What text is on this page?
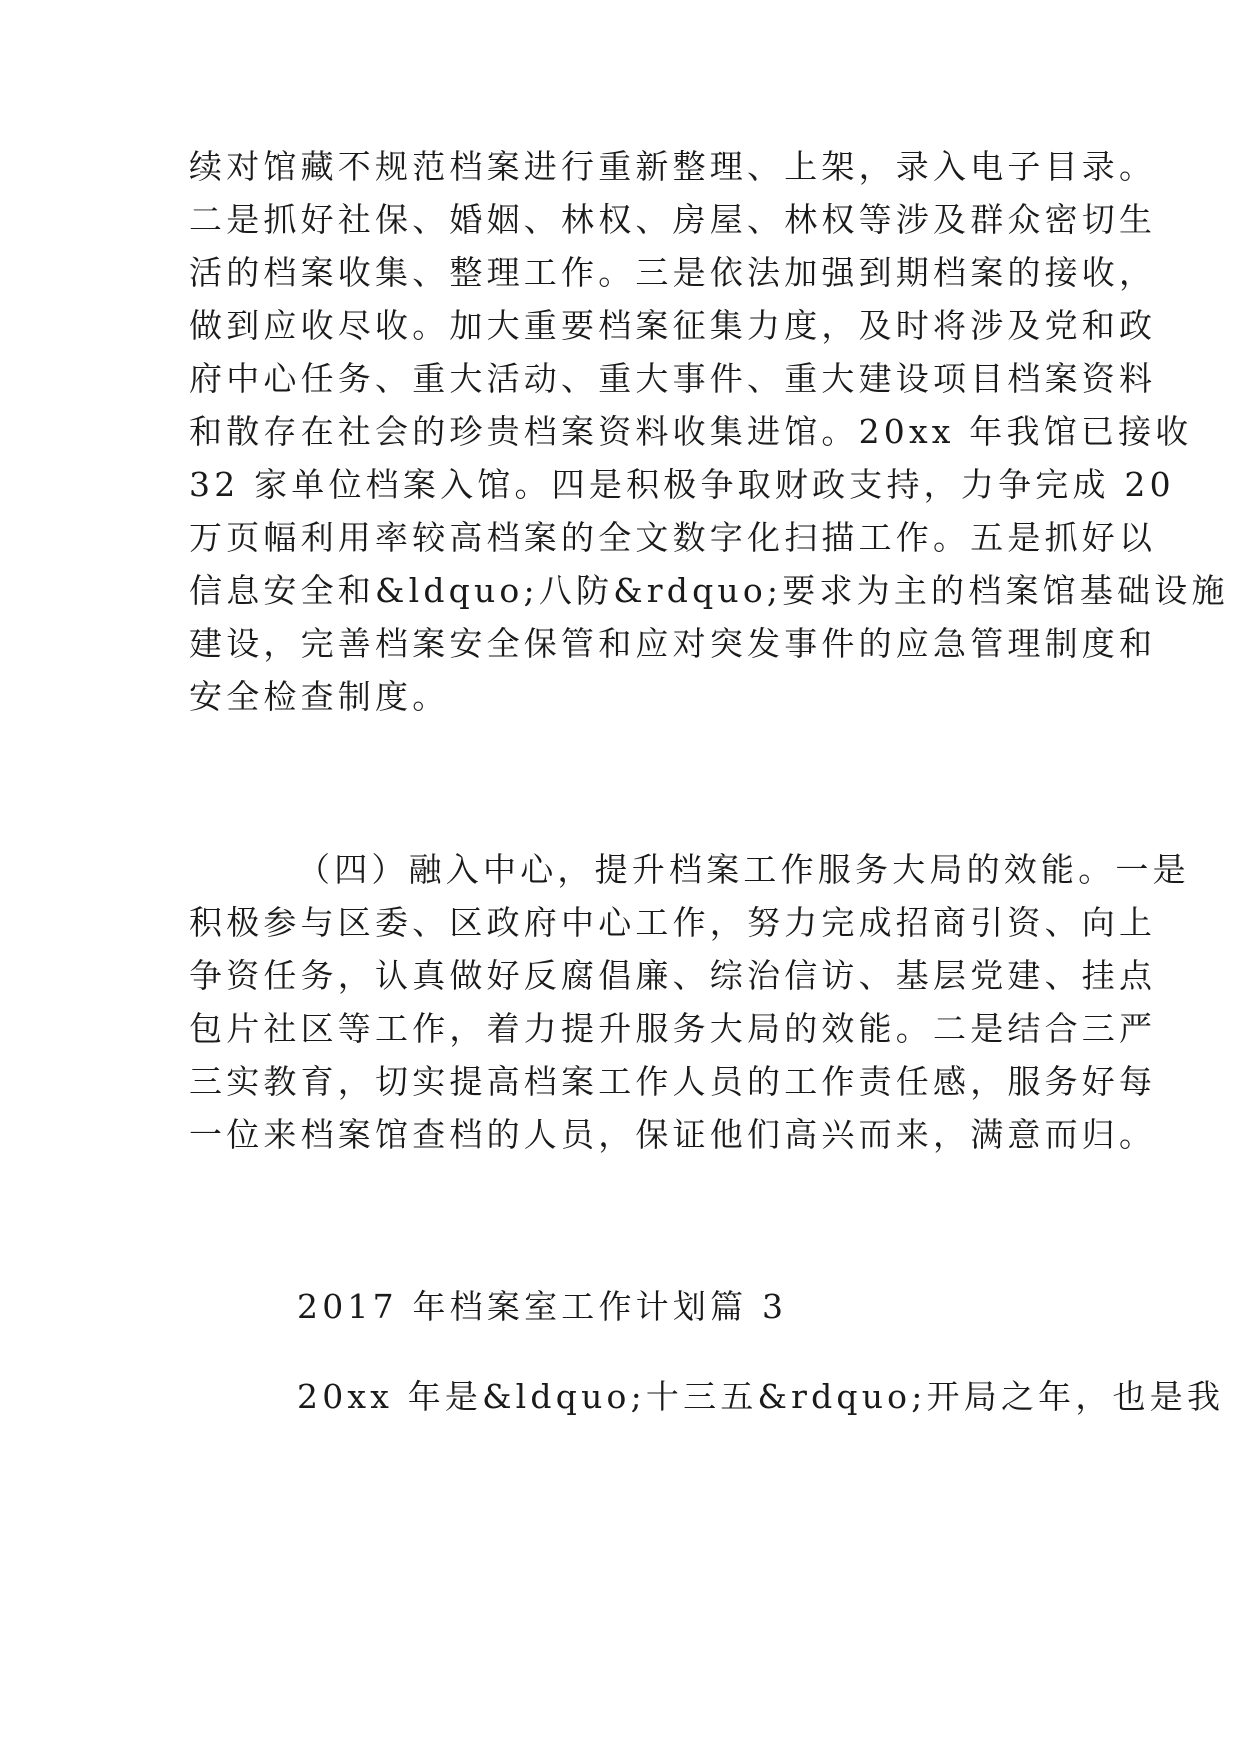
续对馆藏不规范档案进行重新整理、上架，录入电子目录。
二是抓好社保、婚姻、林权、房屋、林权等涉及群众密切生
活的档案收集、整理工作。三是依法加强到期档案的接收，
做到应收尽收。加大重要档案征集力度，及时将涉及党和政
府中心任务、重大活动、重大事件、重大建设项目档案资料
和散存在社会的珍贵档案资料收集进馆。20xx 年我馆已接收
32 家单位档案入馆。四是积极争取财政支持，力争完成 20
万页幅利用率较高档案的全文数字化扫描工作。五是抓好以
信息安全和&ldquo;八防&rdquo;要求为主的档案馆基础设施
建设，完善档案安全保管和应对突发事件的应急管理制度和
安全检查制度。
（四）融入中心，提升档案工作服务大局的效能。一是
积极参与区委、区政府中心工作，努力完成招商引资、向上
争资任务，认真做好反腐倡廉、综治信访、基层党建、挂点
包片社区等工作，着力提升服务大局的效能。二是结合三严
三实教育，切实提高档案工作人员的工作责任感，服务好每
一位来档案馆查档的人员，保证他们高兴而来，满意而归。
2017 年档案室工作计划篇 3
20xx 年是&ldquo;十三五&rdquo;开局之年，也是我
